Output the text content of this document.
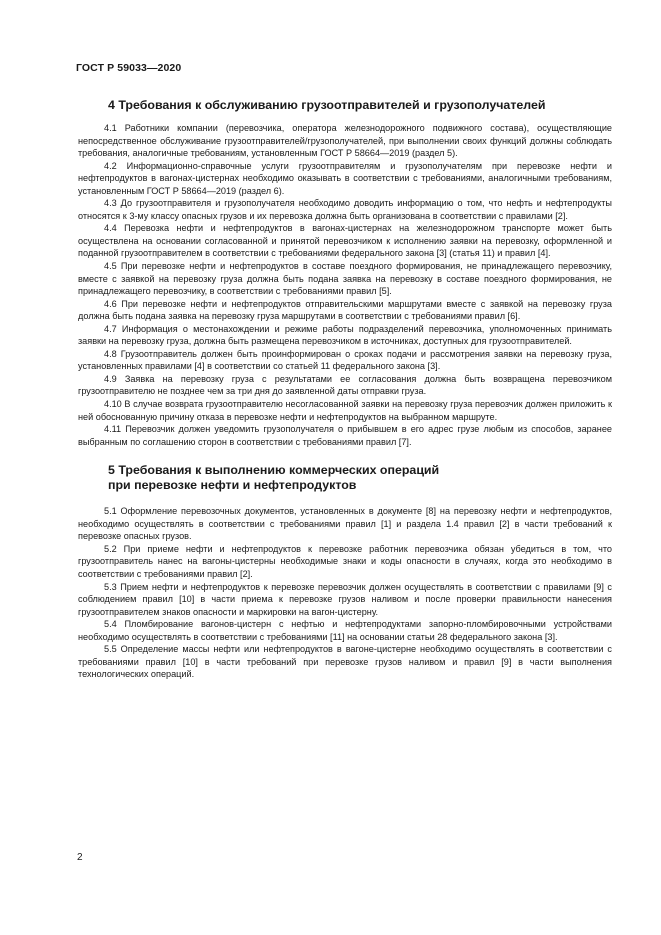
ГОСТ Р 59033—2020
4 Требования к обслуживанию грузоотправителей и грузополучателей

4.1 Работники компании (перевозчика, оператора железнодорожного подвижного состава), осуществляющие непосредственное обслуживание грузоотправителей/грузополучателей, при выполнении своих функций должны соблюдать требования, аналогичные требованиям, установленным ГОСТ Р 58664—2019 (раздел 5).

4.2 Информационно-справочные услуги грузоотправителям и грузополучателям при перевозке нефти и нефтепродуктов в вагонах-цистернах необходимо оказывать в соответствии с требованиями, аналогичными требованиям, установленным ГОСТ Р 58664—2019 (раздел 6).

4.3 До грузоотправителя и грузополучателя необходимо доводить информацию о том, что нефть и нефтепродукты относятся к 3-му классу опасных грузов и их перевозка должна быть организована в соответствии с правилами [2].

4.4 Перевозка нефти и нефтепродуктов в вагонах-цистернах на железнодорожном транспорте может быть осуществлена на основании согласованной и принятой перевозчиком к исполнению заявки на перевозку, оформленной и поданной грузоотправителем в соответствии с требованиями федерального закона [3] (статья 11) и правил [4].

4.5 При перевозке нефти и нефтепродуктов в составе поездного формирования, не принадлежащего перевозчику, вместе с заявкой на перевозку груза должна быть подана заявка на перевозку в составе поездного формирования, не принадлежащего перевозчику, в соответствии с требованиями правил [5].

4.6 При перевозке нефти и нефтепродуктов отправительскими маршрутами вместе с заявкой на перевозку груза должна быть подана заявка на перевозку груза маршрутами в соответствии с требованиями правил [6].

4.7 Информация о местонахождении и режиме работы подразделений перевозчика, уполномоченных принимать заявки на перевозку груза, должна быть размещена перевозчиком в источниках, доступных для грузоотправителей.

4.8 Грузоотправитель должен быть проинформирован о сроках подачи и рассмотрения заявки на перевозку груза, установленных правилами [4] в соответствии со статьей 11 федерального закона [3].

4.9 Заявка на перевозку груза с результатами ее согласования должна быть возвращена перевозчиком грузоотправителю не позднее чем за три дня до заявленной даты отправки груза.

4.10 В случае возврата грузоотправителю несогласованной заявки на перевозку груза перевозчик должен приложить к ней обоснованную причину отказа в перевозке нефти и нефтепродуктов на выбранном маршруте.

4.11 Перевозчик должен уведомить грузополучателя о прибывшем в его адрес грузе любым из способов, заранее выбранным по соглашению сторон в соответствии с требованиями правил [7].

5 Требования к выполнению коммерческих операций
при перевозке нефти и нефтепродуктов

5.1 Оформление перевозочных документов, установленных в документе [8] на перевозку нефти и нефтепродуктов, необходимо осуществлять в соответствии с требованиями правил [1] и раздела 1.4 правил [2] в части требований к перевозке опасных грузов.

5.2 При приеме нефти и нефтепродуктов к перевозке работник перевозчика обязан убедиться в том, что грузоотправитель нанес на вагоны-цистерны необходимые знаки и коды опасности в случаях, когда это необходимо в соответствии с требованиями правил [2].

5.3 Прием нефти и нефтепродуктов к перевозке перевозчик должен осуществлять в соответствии с правилами [9] с соблюдением правил [10] в части приема к перевозке грузов наливом и после проверки правильности нанесения грузоотправителем знаков опасности и маркировки на вагон-цистерну.

5.4 Пломбирование вагонов-цистерн с нефтью и нефтепродуктами запорно-пломбировочными устройствами необходимо осуществлять в соответствии с требованиями [11] на основании статьи 28 федерального закона [3].

5.5 Определение массы нефти или нефтепродуктов в вагоне-цистерне необходимо осуществлять в соответствии с требованиями правил [10] в части требований при перевозке грузов наливом и правил [9] в части выполнения технологических операций.

2
